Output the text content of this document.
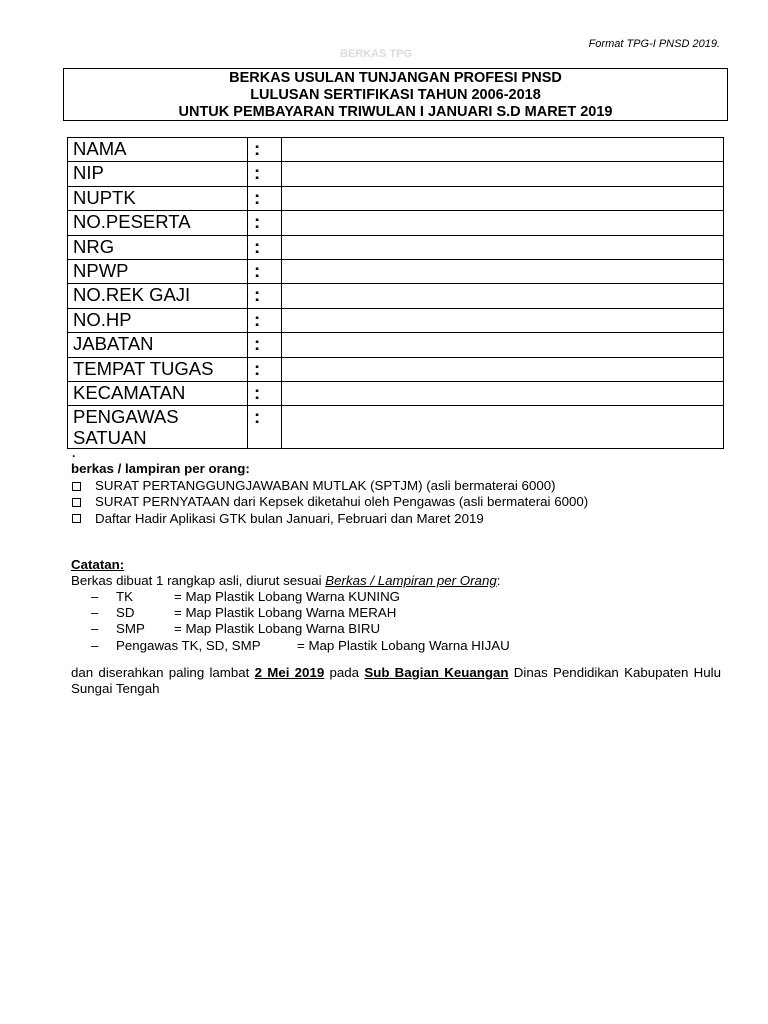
Format TPG-I PNSD 2019.
BERKAS TPG
BERKAS USULAN TUNJANGAN PROFESI PNSD
LULUSAN SERTIFIKASI TAHUN 2006-2018
UNTUK PEMBAYARAN TRIWULAN I JANUARI S.D MARET 2019
NAMA	:	
NIP	:	
NUPTK	:	
NO.PESERTA	:	
NRG	:	
NPWP	:	
NO.REK GAJI	:	
NO.HP	:	
JABATAN	:	
TEMPAT TUGAS	:	
KECAMATAN	:	
PENGAWAS SATUAN	:	
.
berkas / lampiran per orang:
SURAT PERTANGGUNGJAWABAN MUTLAK (SPTJM) (asli bermaterai 6000)
SURAT PERNYATAAN dari Kepsek diketahui oleh Pengawas (asli bermaterai 6000)
Daftar Hadir Aplikasi GTK bulan Januari, Februari dan Maret 2019
Catatan:
Berkas dibuat 1 rangkap asli, diurut sesuai Berkas / Lampiran per Orang:
– TK	= Map Plastik Lobang Warna KUNING
– SD	= Map Plastik Lobang Warna MERAH
– SMP = Map Plastik Lobang Warna BIRU
– Pengawas TK, SD, SMP	= Map Plastik Lobang Warna HIJAU
dan diserahkan paling lambat 2 Mei 2019 pada Sub Bagian Keuangan Dinas Pendidikan Kabupaten Hulu Sungai Tengah
